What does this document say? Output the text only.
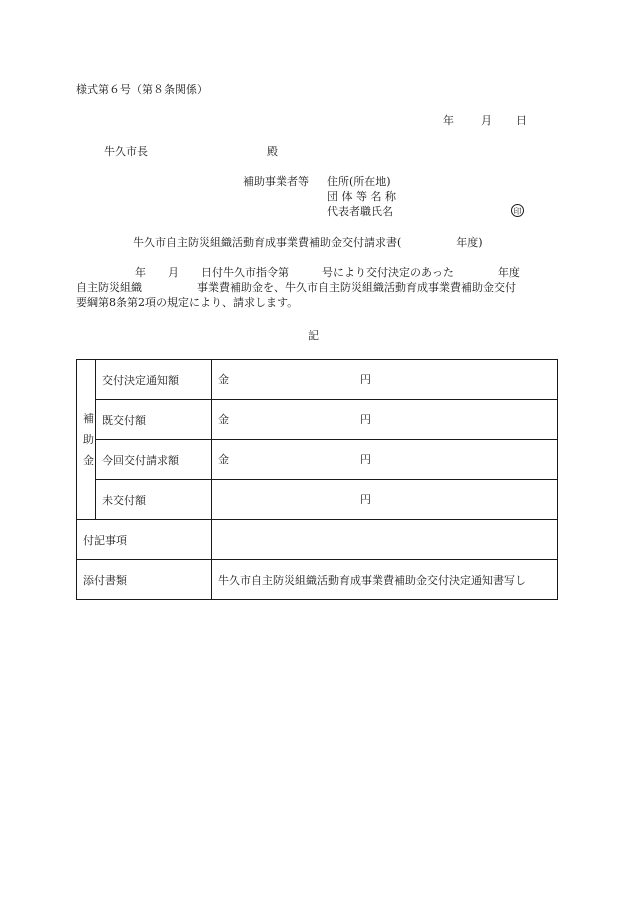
様式第６号（第８条関係）
年 月 日
牛久市長	殿
補助事業者等 住所(所在地)
団 体 等 名 称
代表者職氏名	印
牛久市自主防災組織活動育成事業費補助金交付請求書(　　　　　年度)
年　　月　　日付牛久市指令第　　　号により交付決定のあった　　　　年度
自主防災組織　　　　　事業費補助金を、牛久市自主防災組織活動育成事業費補助金交付
要綱第8条第2項の規定により、請求します。
記
補
助
金	交付決定通知額	金 円

	既交付額	金 円

	今回交付請求額	金 円

	未交付額	円

付記事項		
添付書類		牛久市自主防災組織活動育成事業費補助金交付決定通知書写し
